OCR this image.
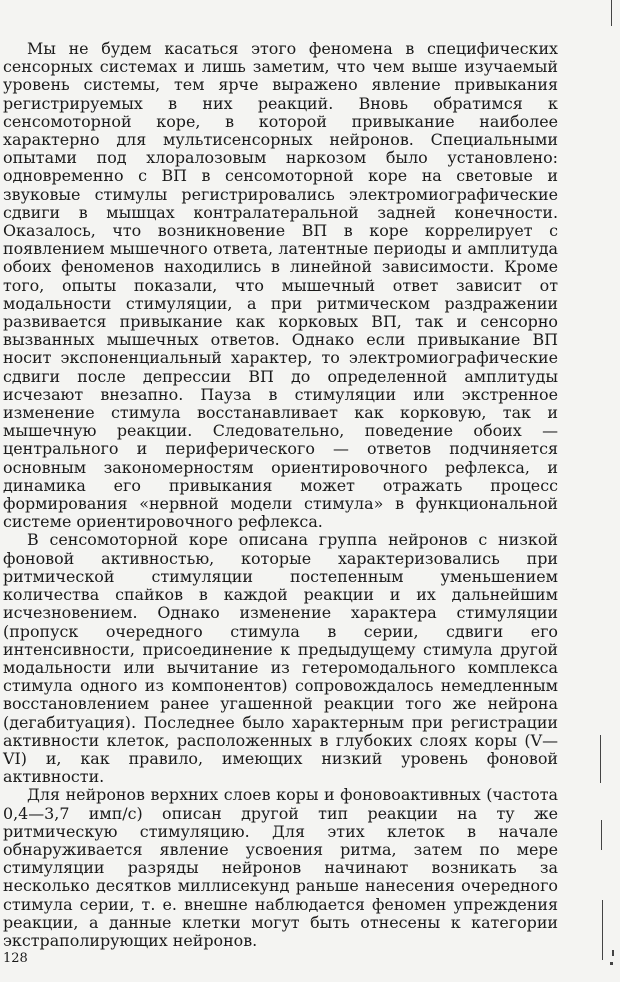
Мы не будем касаться этого феномена в специфических сенсорных системах и лишь заметим, что чем выше изучаемый уровень системы, тем ярче выражено явление привыкания регистрируемых в них реакций. Вновь обратимся к сенсомоторной коре, в которой привыкание наиболее характерно для мультисенсорных нейронов. Специальными опытами под хлоралозовым наркозом было установлено: одновременно с ВП в сенсомоторной коре на световые и звуковые стимулы регистрировались электромиографические сдвиги в мышцах контралатеральной задней конечности. Оказалось, что возникновение ВП в коре коррелирует с появлением мышечного ответа, латентные периоды и амплитуда обоих феноменов находились в линейной зависимости. Кроме того, опыты показали, что мышечный ответ зависит от модальности стимуляции, а при ритмическом раздражении развивается привыкание как корковых ВП, так и сенсорно вызванных мышечных ответов. Однако если привыкание ВП носит экспоненциальный характер, то электромиографические сдвиги после депрессии ВП до определенной амплитуды исчезают внезапно. Пауза в стимуляции или экстренное изменение стимула восстанавливает как корковую, так и мышечную реакции. Следовательно, поведение обоих — центрального и периферического — ответов подчиняется основным закономерностям ориентировочного рефлекса, и динамика его привыкания может отражать процесс формирования «нервной модели стимула» в функциональной системе ориентировочного рефлекса.

В сенсомоторной коре описана группа нейронов с низкой фоновой активностью, которые характеризовались при ритмической стимуляции постепенным уменьшением количества спайков в каждой реакции и их дальнейшим исчезновением. Однако изменение характера стимуляции (пропуск очередного стимула в серии, сдвиги его интенсивности, присоединение к предыдущему стимула другой модальности или вычитание из гетеромодального комплекса стимула одного из компонентов) сопровождалось немедленным восстановлением ранее угашенной реакции того же нейрона (дегабитуация). Последнее было характерным при регистрации активности клеток, расположенных в глубоких слоях коры (V—VI) и, как правило, имеющих низкий уровень фоновой активности.

Для нейронов верхних слоев коры и фоновоактивных (частота 0,4—3,7 имп/с) описан другой тип реакции на ту же ритмическую стимуляцию. Для этих клеток в начале обнаруживается явление усвоения ритма, затем по мере стимуляции разряды нейронов начинают возникать за несколько десятков миллисекунд раньше нанесения очередного стимула серии, т. е. внешне наблюдается феномен упреждения реакции, а данные клетки могут быть отнесены к категории экстраполирующих нейронов.

128
